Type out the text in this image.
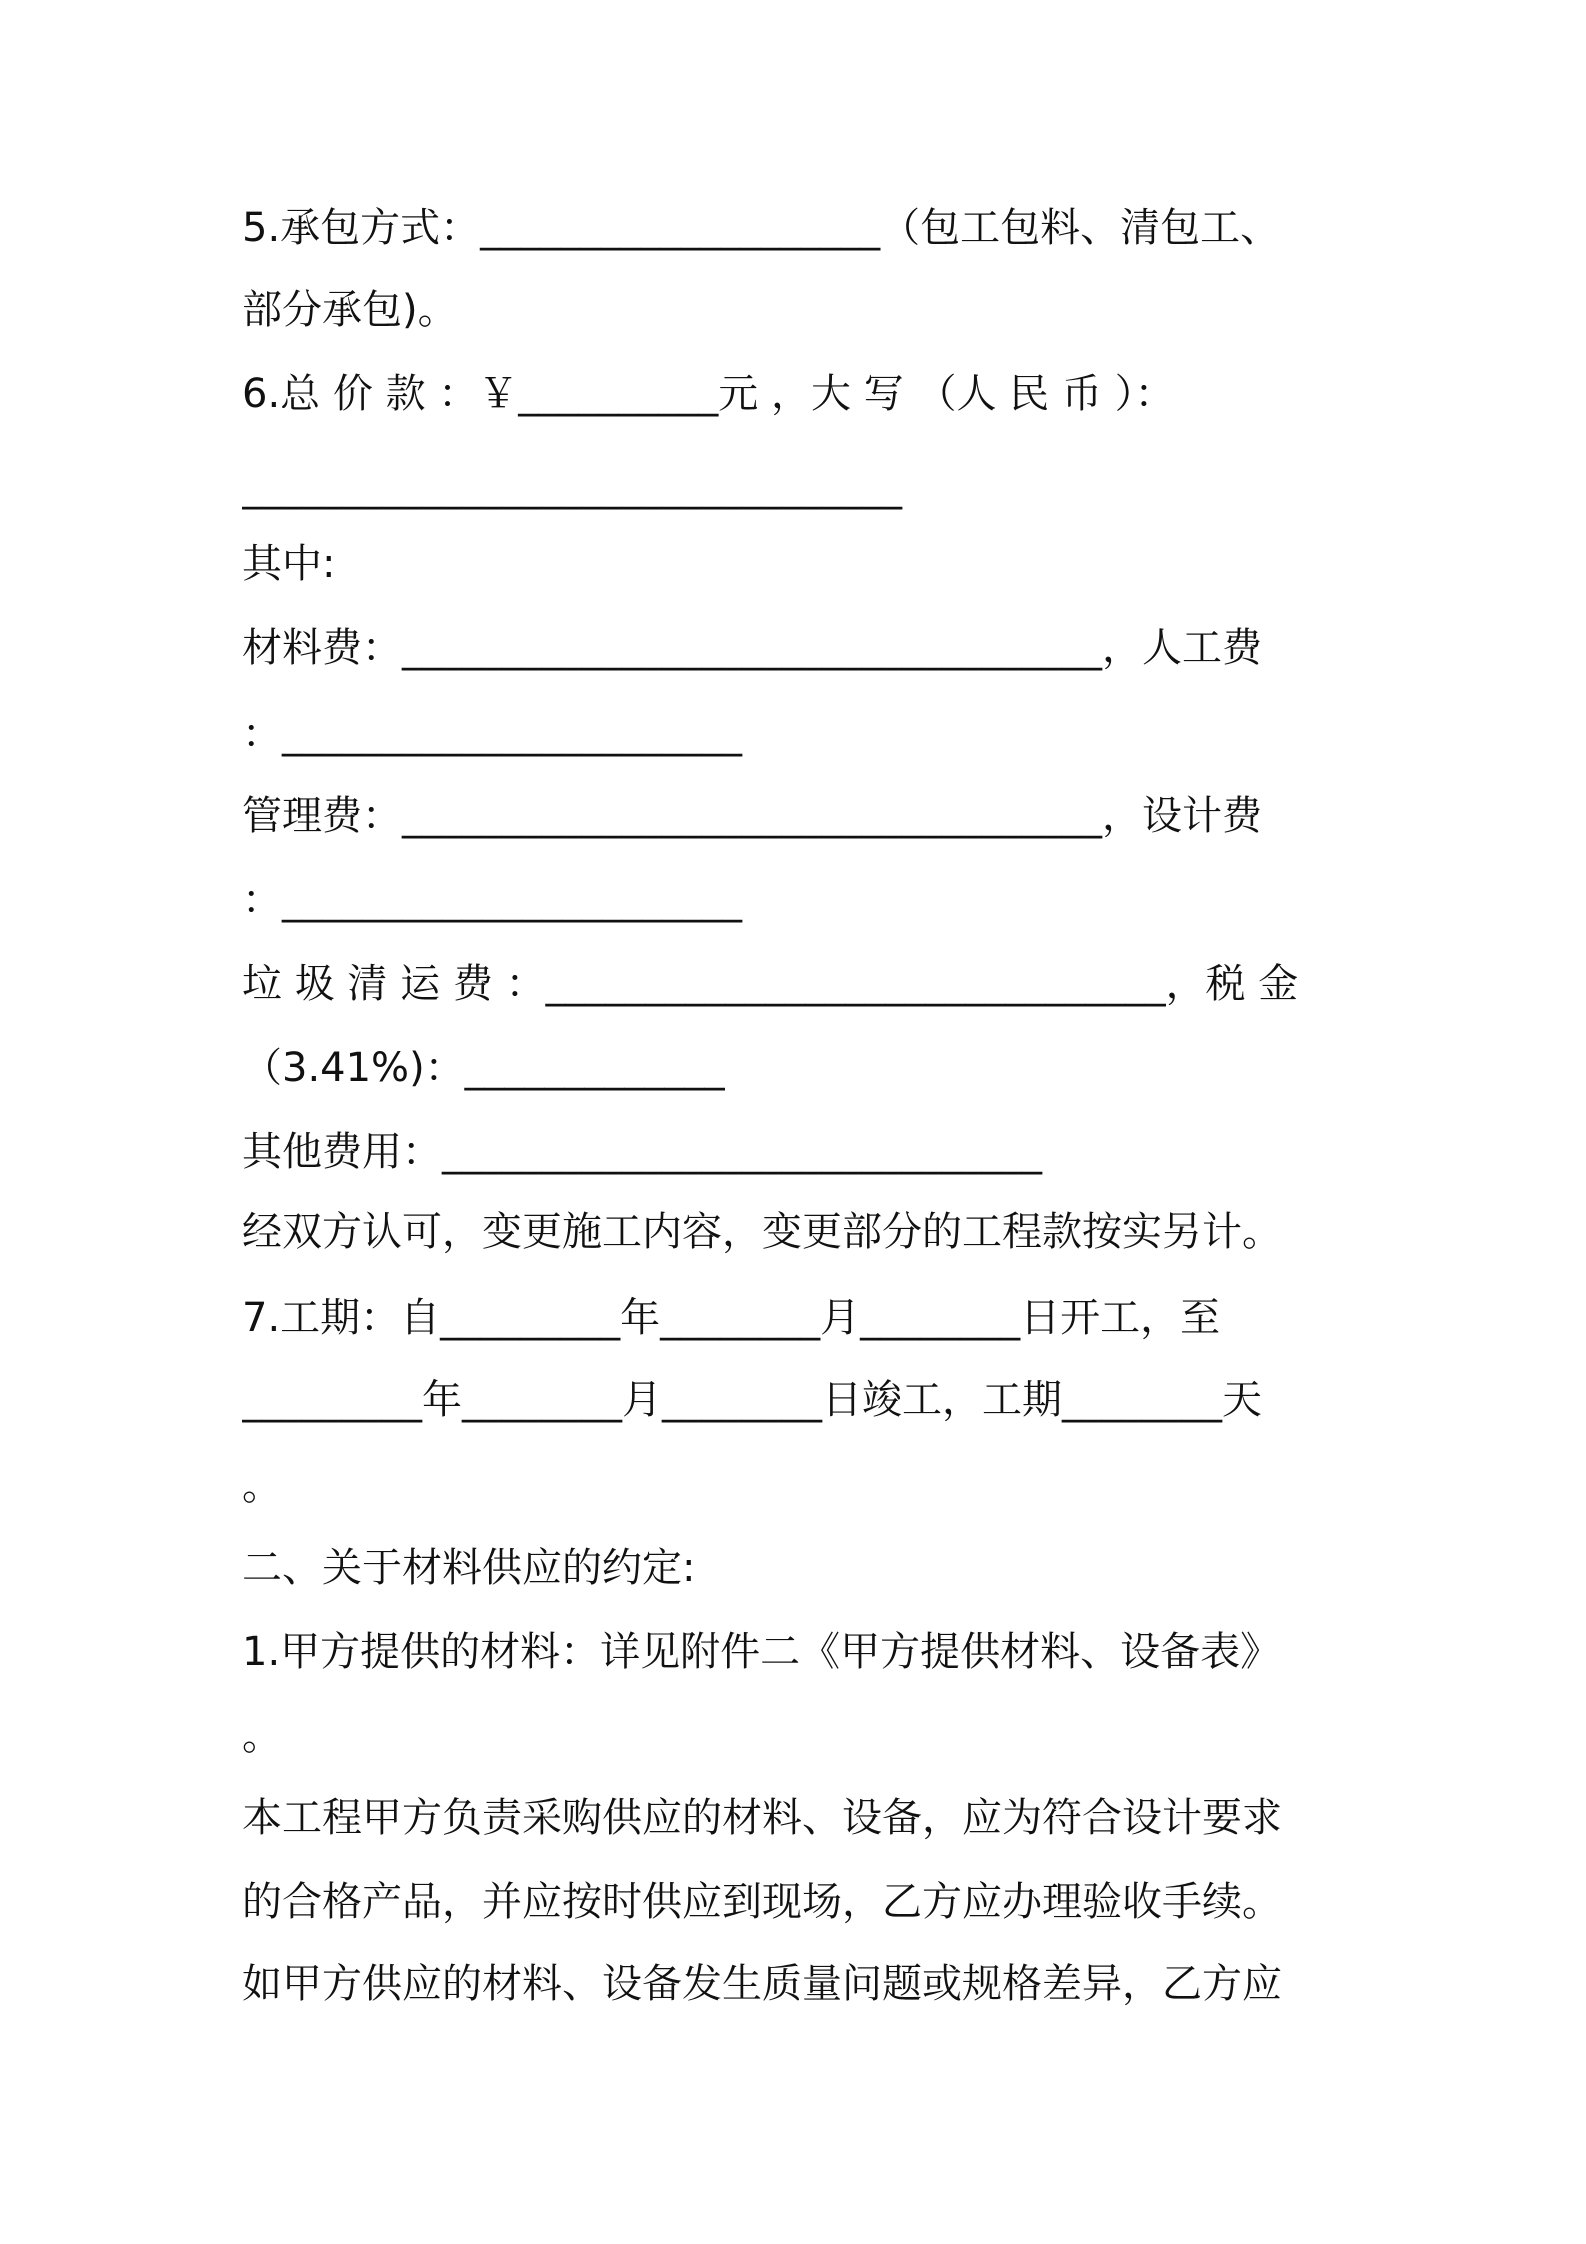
5.承包方式：____________________（包工包料、清包工、
部分承包)。
6.总 价 款 ：￥__________元 ，大 写 （人 民 币 ）：
_________________________________
其中:
材料费：___________________________________，人工费
：_______________________
管理费：___________________________________，设计费
：_______________________
垃 圾 清 运 费 ：_______________________________，税 金
（3.41%)：_____________
其他费用：______________________________
经双方认可，变更施工内容，变更部分的工程款按实另计。
7.工期：自_________年________月________日开工，至
_________年________月________日竣工，工期________天
。
二、关于材料供应的约定:
1.甲方提供的材料：详见附件二《甲方提供材料、设备表》
。
本工程甲方负责采购供应的材料、设备，应为符合设计要求
的合格产品，并应按时供应到现场，乙方应办理验收手续。
如甲方供应的材料、设备发生质量问题或规格差异，乙方应
